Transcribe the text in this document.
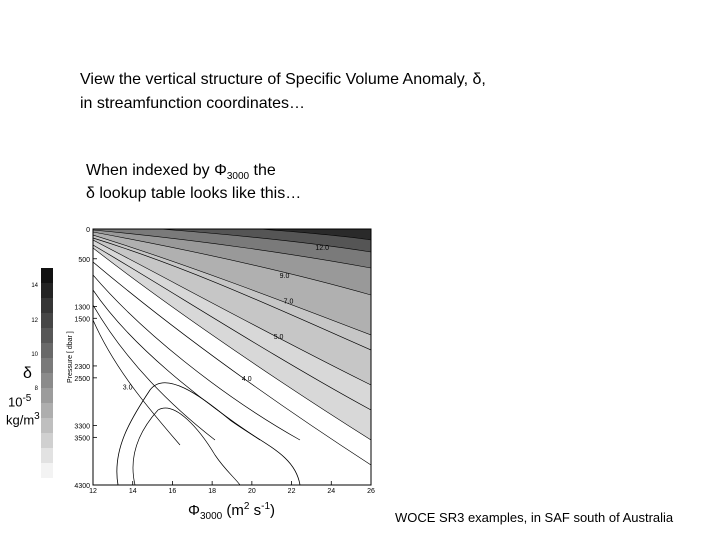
View the vertical structure of Specific Volume Anomaly, δ,
in streamfunction coordinates…
When indexed by $\Phi_{3000}$ the
δ lookup table looks like this…
δ
$10^{-5}$
$kg/m^3$
14
12
10
8
0
500
1300
1500
2300
2500
3300
3500
4300
12	14	16	18	20	22	24	26
12.0
9.0
7.0
5.0
4.0
3.0
Pressure [ dbar ]
$\Phi_{3000}$ ($m^2$ $s^{-1}$)	WOCE SR3 examples, in SAF south of Australia
